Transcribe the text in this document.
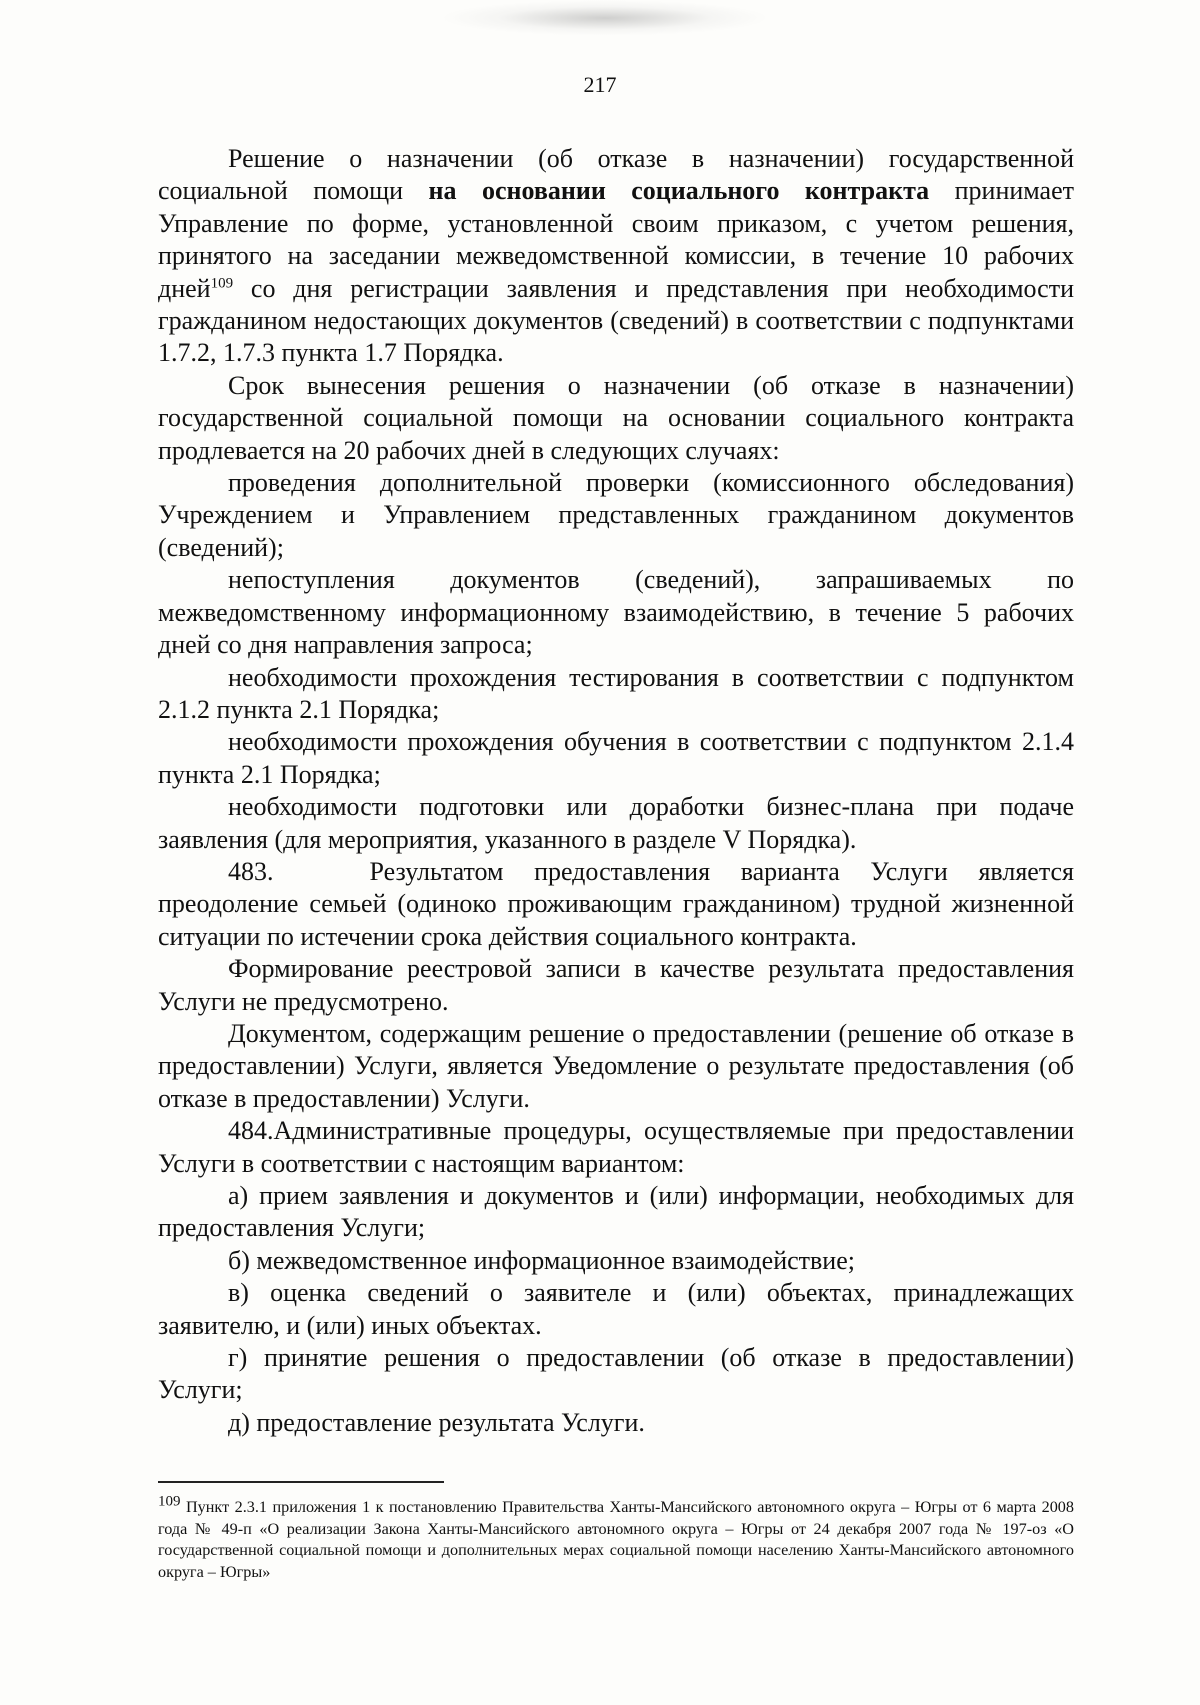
217

Решение о назначении (об отказе в назначении) государственной социальной помощи на основании социального контракта принимает Управление по форме, установленной своим приказом, с учетом решения, принятого на заседании межведомственной комиссии, в течение 10 рабочих дней$^{109}$ со дня регистрации заявления и представления при необходимости гражданином недостающих документов (сведений) в соответствии с подпунктами 1.7.2, 1.7.3 пункта 1.7 Порядка.

Срок вынесения решения о назначении (об отказе в назначении) государственной социальной помощи на основании социального контракта продлевается на 20 рабочих дней в следующих случаях:

проведения дополнительной проверки (комиссионного обследования) Учреждением и Управлением представленных гражданином документов (сведений);

непоступления документов (сведений), запрашиваемых по межведомственному информационному взаимодействию, в течение 5 рабочих дней со дня направления запроса;

необходимости прохождения тестирования в соответствии с подпунктом 2.1.2 пункта 2.1 Порядка;

необходимости прохождения обучения в соответствии с подпунктом 2.1.4 пункта 2.1 Порядка;

необходимости подготовки или доработки бизнес-плана при подаче заявления (для мероприятия, указанного в разделе V Порядка).

483.	Результатом предоставления варианта Услуги является преодоление семьей (одиноко проживающим гражданином) трудной жизненной ситуации по истечении срока действия социального контракта.

Формирование реестровой записи в качестве результата предоставления Услуги не предусмотрено.

Документом, содержащим решение о предоставлении (решение об отказе в предоставлении) Услуги, является Уведомление о результате предоставления (об отказе в предоставлении) Услуги.

484.Административные процедуры, осуществляемые при предоставлении Услуги в соответствии с настоящим вариантом:

а) прием заявления и документов и (или) информации, необходимых для предоставления Услуги;

б) межведомственное информационное взаимодействие;

в) оценка сведений о заявителе и (или) объектах, принадлежащих заявителю, и (или) иных объектах.

г) принятие решения о предоставлении (об отказе в предоставлении) Услуги;

д) предоставление результата Услуги.

$^{109}$ Пункт 2.3.1 приложения 1 к постановлению Правительства Ханты-Мансийского автономного округа – Югры от 6 марта 2008 года № 49-п «О реализации Закона Ханты-Мансийского автономного округа – Югры от 24 декабря 2007 года № 197-оз «О государственной социальной помощи и дополнительных мерах социальной помощи населению Ханты-Мансийского автономного округа – Югры»
